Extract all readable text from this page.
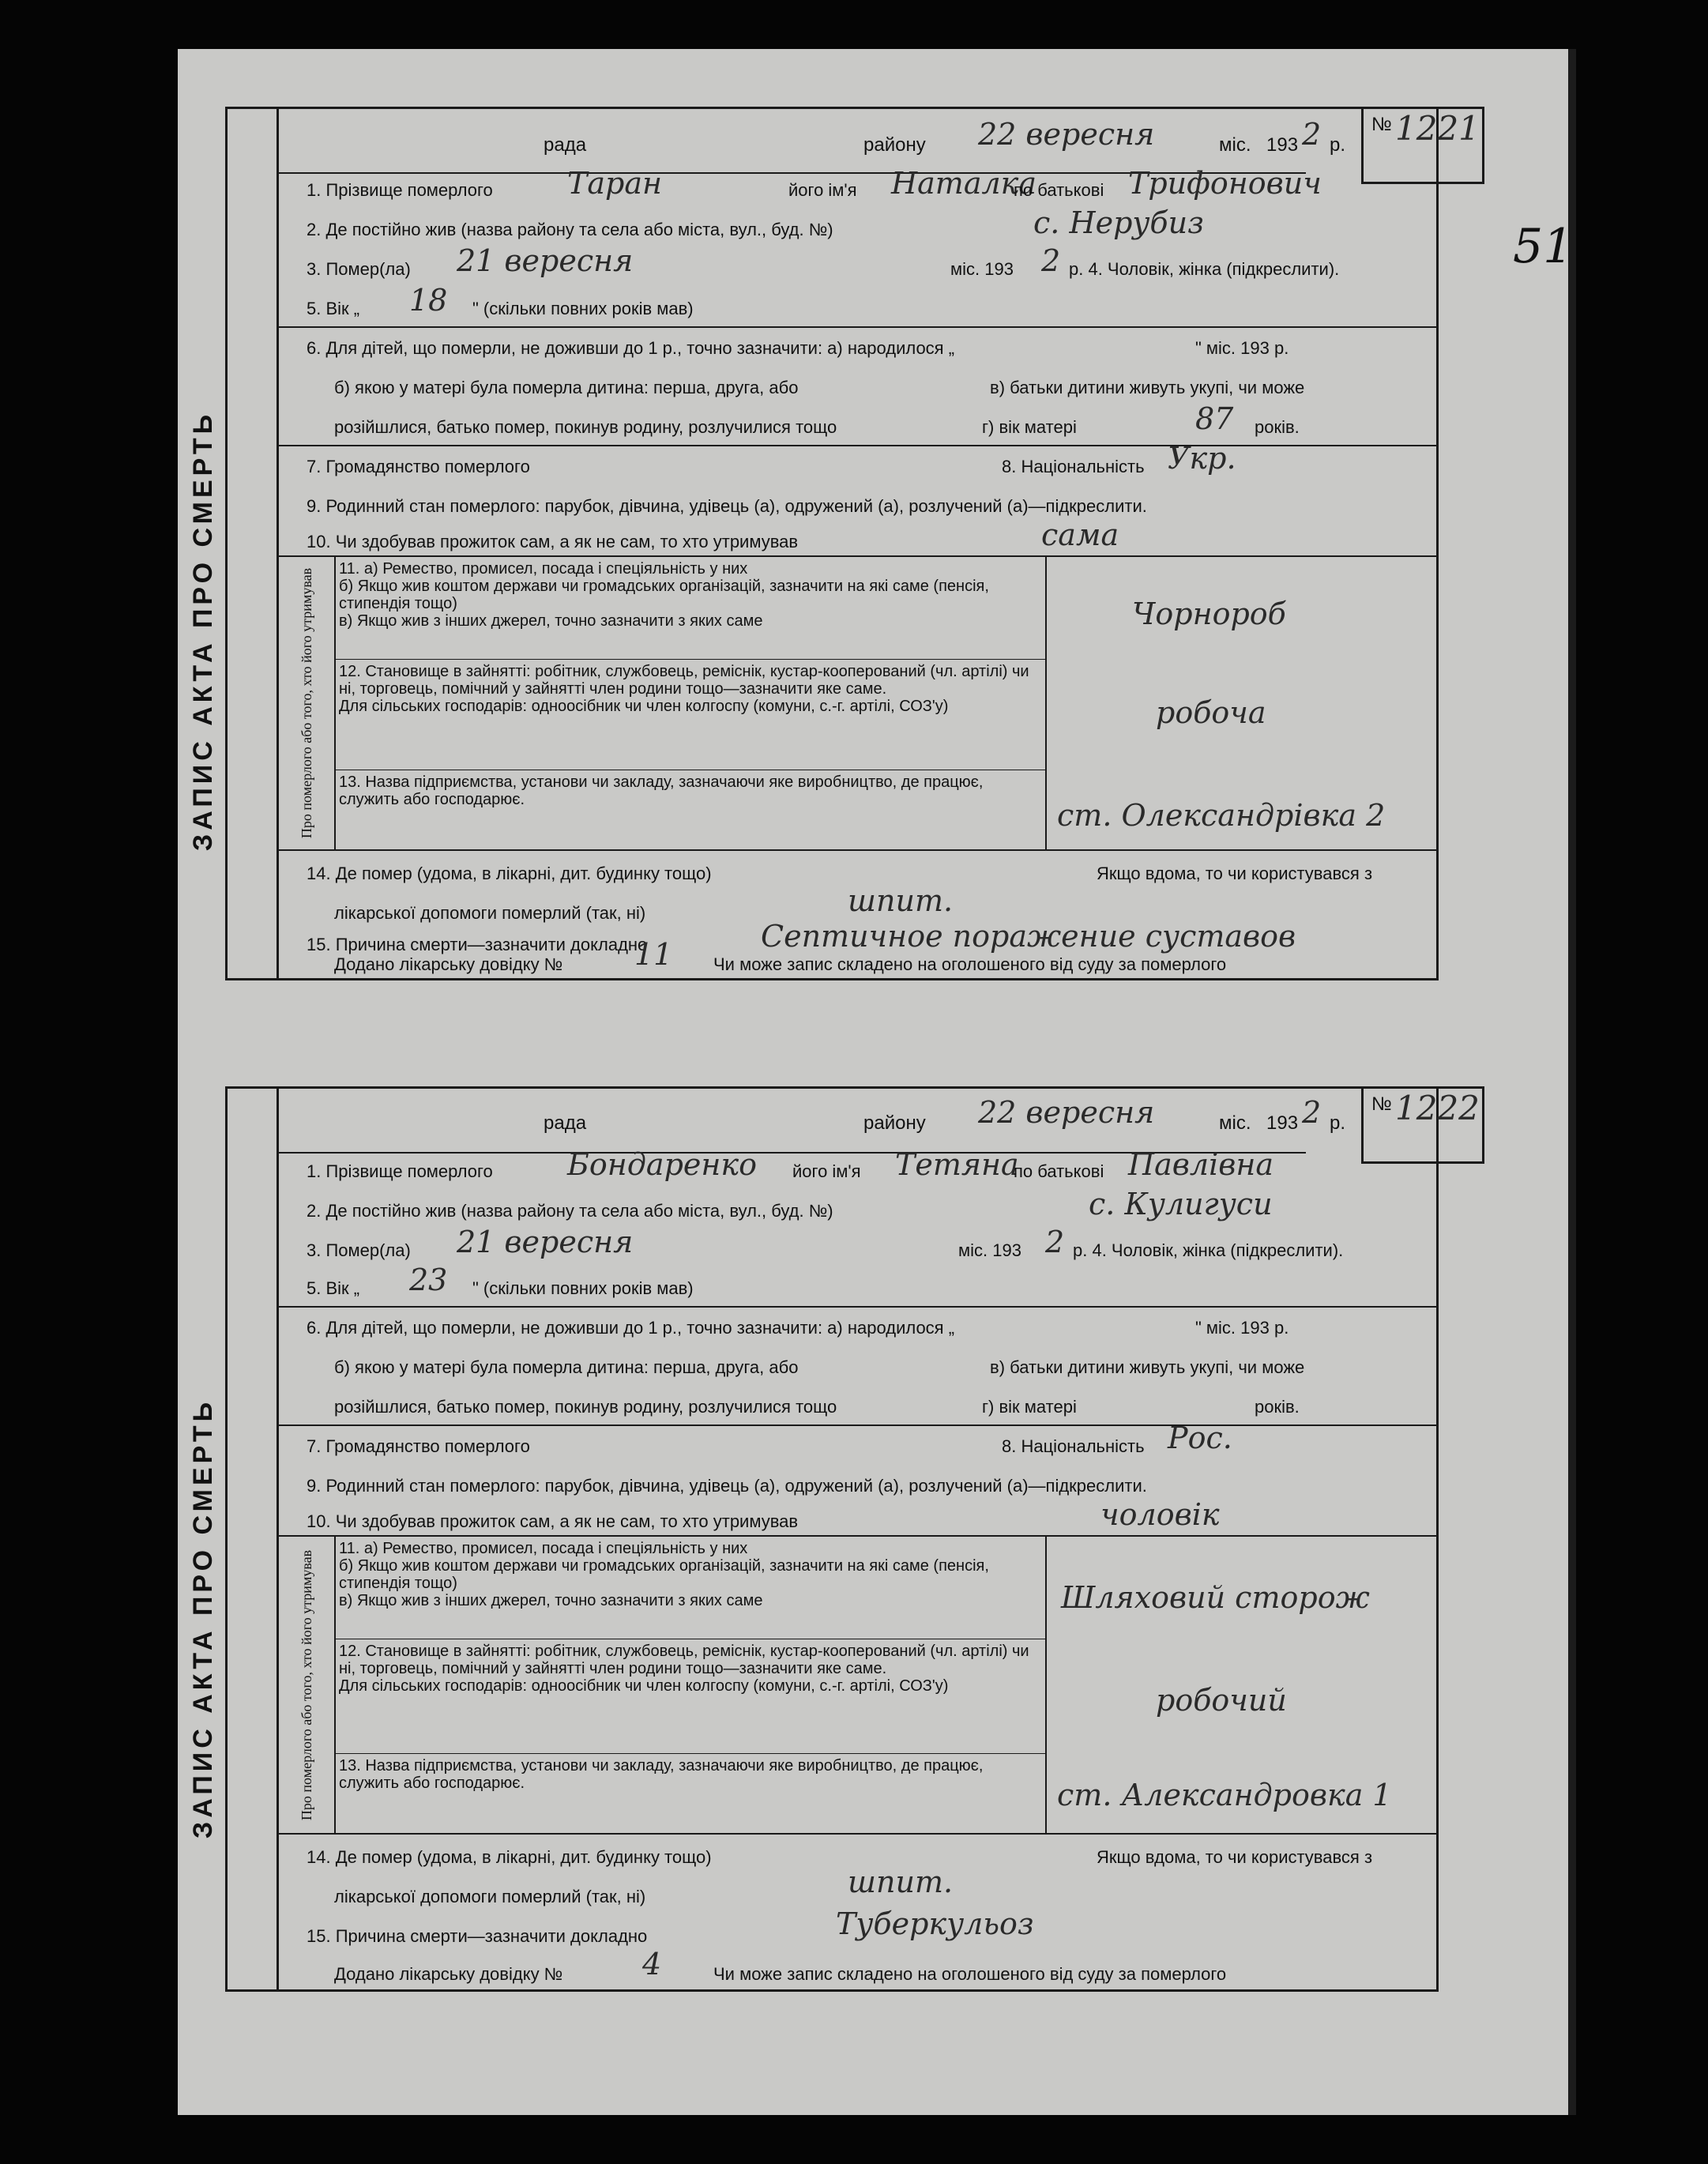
51
ЗАПИС АКТА ПРО СМЕРТЬ
рада	району 22 вересня	міс. 193 2 р.
№ 1221
1. Прізвище померлого Таран	його ім'я Наталка
по батькові Трифонович
2. Де постійно жив (назва району та села або міста, вул., буд. №)	с. Нерубиз
3. Помер(ла) 21 вересня	міс. 193 2 р. 4. Чоловік, жінка (підкреслити).
5. Вік „ 18 " (скільки повних років мав)
6. Для дітей, що померли, не доживши до 1 р., точно зазначити: а) народилося „	" міс. 193 р.
б) якою у матері була померла дитина: перша, друга, або	в) батьки дитини живуть укупі, чи може
розійшлися, батько помер, покинув родину, розлучилися тощо	г) вік матері	87 років.
7. Громадянство померлого	8. Національність Укр.
9. Родинний стан померлого: парубок, дівчина, удівець (а), одружений (а), розлучений (а)—підкреслити.
10. Чи здобував прожиток сам, а як не сам, то хто утримував	сама
Про померлого або того, хто його утримував	11. а) Ремество, промисел, посада і спеціяльність у них
б) Якщо жив коштом держави чи громадських організацій, зазначити на які саме (пенсія, стипендія тощо)
в) Якщо жив з інших джерел, точно зазначити з яких саме	Чорнороб
12. Становище в зайнятті: робітник, службовець, реміснік, кустар-кооперований (чл. артілі) чи ні, торговець, помічний у зайнятті член родини тощо—зазначити яке саме.
Для сільських господарів: одноосібник чи член колгоспу (комуни, с.-г. артілі, СОЗ'у)	робоча
13. Назва підприємства, установи чи закладу, зазначаючи яке виробництво, де працює, служить або господарює.	ст. Олександрівка 2
14. Де помер (удома, в лікарні, дит. будинку тощо)	Якщо вдома, то чи користувався з
лікарської допомоги померлий (так, ні)	шпит.
15. Причина смерти—зазначити докладно	Септичное поражение суставов
Додано лікарську довідку № 11 Чи може запис складено на оголошеного від суду за померлого
ЗАПИС АКТА ПРО СМЕРТЬ
рада	району 22 вересня	міс. 193 2 р.
№ 1222
1. Прізвище померлого Бондаренко його ім'я Тетяна
по батькові Павлівна
2. Де постійно жив (назва району та села або міста, вул., буд. №)	с. Кулигуси
3. Помер(ла) 21 вересня	міс. 193 2 р. 4. Чоловік, жінка (підкреслити).
5. Вік „ 23 " (скільки повних років мав)
6. Для дітей, що померли, не доживши до 1 р., точно зазначити: а) народилося „	" міс. 193 р.
б) якою у матері була померла дитина: перша, друга, або	в) батьки дитини живуть укупі, чи може
розійшлися, батько помер, покинув родину, розлучилися тощо	г) вік матері	років.
7. Громадянство померлого	8. Національність Рос.
9. Родинний стан померлого: парубок, дівчина, удівець (а), одружений (а), розлучений (а)—підкреслити.
10. Чи здобував прожиток сам, а як не сам, то хто утримував	чоловік
Про померлого або того, хто його утримував
11. а) Ремество, промисел, посада і спеціяльність у них
б) Якщо жив коштом держави чи громадських організацій, зазначити на які саме (пенсія, стипендія тощо)
в) Якщо жив з інших джерел, точно зазначити з яких саме	Шляховий сторож
12. Становище в зайнятті: робітник, службовець, реміснік, кустар-кооперований (чл. артілі) чи ні, торговець, помічний у зайнятті член родини тощо—зазначити яке саме.
Для сільських господарів: одноосібник чи член колгоспу (комуни, с.-г. артілі, СОЗ'у)	робочий
13. Назва підприємства, установи чи закладу, зазначаючи яке виробництво, де працює, служить або господарює.	ст. Александровка 1
14. Де помер (удома, в лікарні, дит. будинку тощо)	Якщо вдома, то чи користувався з
лікарської допомоги померлий (так, ні)	шпит.
15. Причина смерти—зазначити докладно	Туберкульоз
Додано лікарську довідку №	4	Чи може запис складено на оголошеного від суду за померлого
